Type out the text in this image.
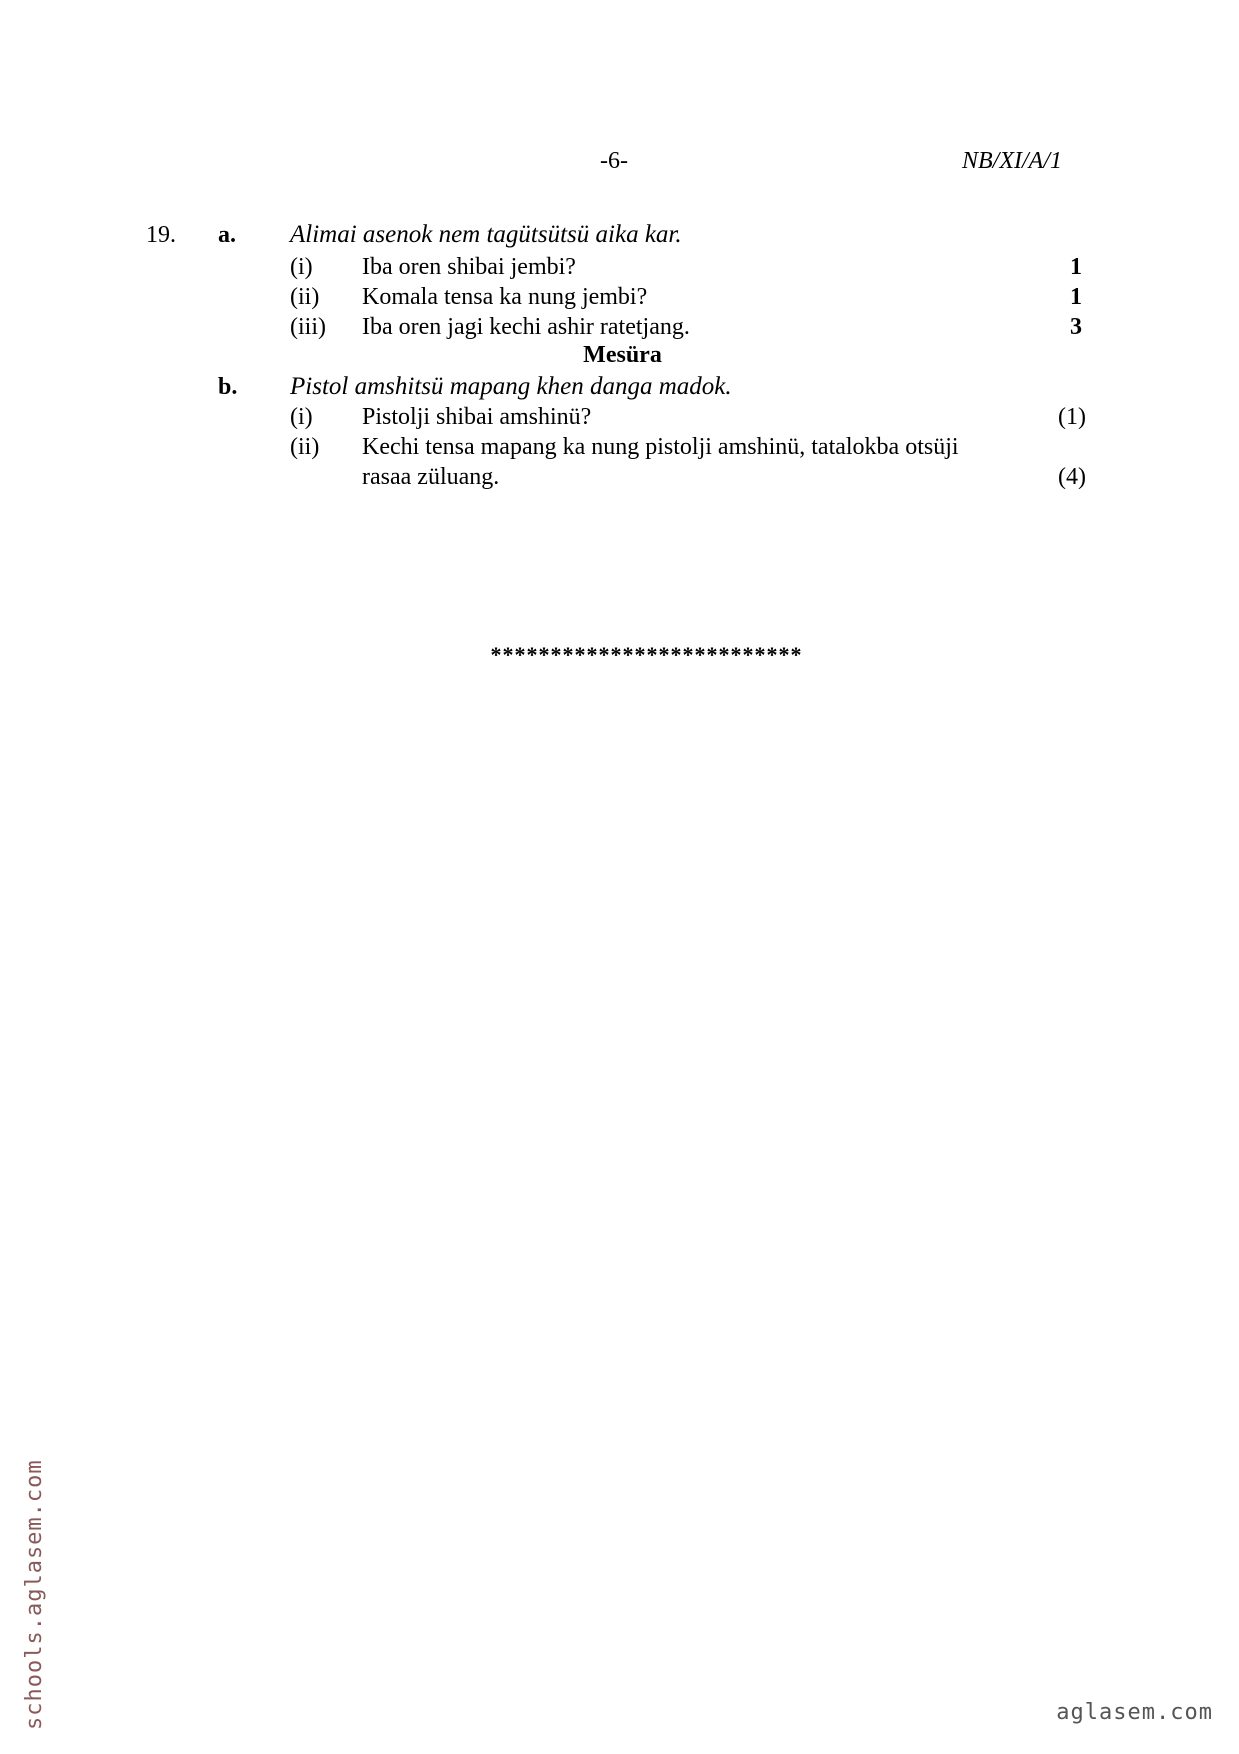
-6-	NB/XI/A/1
19. a. Alimai asenok nem tagütsütsü aika kar.
(i) Iba oren shibai jembi?	1
(ii) Komala tensa ka nung jembi?	1
(iii) Iba oren jagi kechi ashir ratetjang.	3
Mesüra
b. Pistol amshitsü mapang khen danga madok.
(i) Pistolji shibai amshinü?	(1)
(ii) Kechi tensa mapang ka nung pistolji amshinü, tatalokba otsüji
rasaa züluang.	(4)
**************************
schools.aglasem.com	aglasem.com
